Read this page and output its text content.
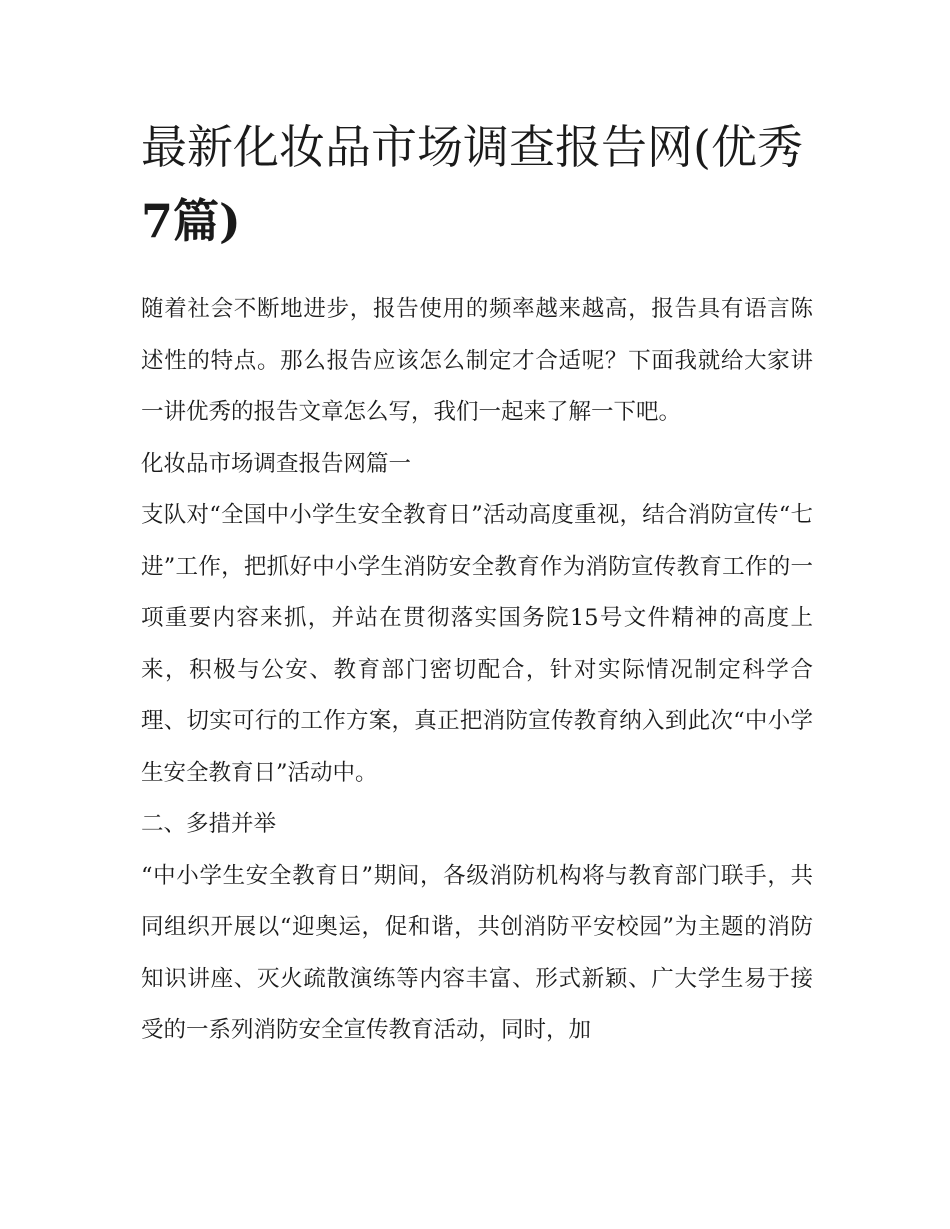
最新化妆品市场调查报告网(优秀7篇)

随着社会不断地进步，报告使用的频率越来越高，报告具有语言陈述性的特点。那么报告应该怎么制定才合适呢？下面我就给大家讲一讲优秀的报告文章怎么写，我们一起来了解一下吧。

化妆品市场调查报告网篇一

支队对“全国中小学生安全教育日”活动高度重视，结合消防宣传“七进”工作，把抓好中小学生消防安全教育作为消防宣传教育工作的一项重要内容来抓，并站在贯彻落实国务院15号文件精神的高度上来，积极与公安、教育部门密切配合，针对实际情况制定科学合理、切实可行的工作方案，真正把消防宣传教育纳入到此次“中小学生安全教育日”活动中。

二、多措并举

“中小学生安全教育日”期间，各级消防机构将与教育部门联手，共同组织开展以“迎奥运，促和谐，共创消防平安校园”为主题的消防知识讲座、灭火疏散演练等内容丰富、形式新颖、广大学生易于接受的一系列消防安全宣传教育活动，同时，加
